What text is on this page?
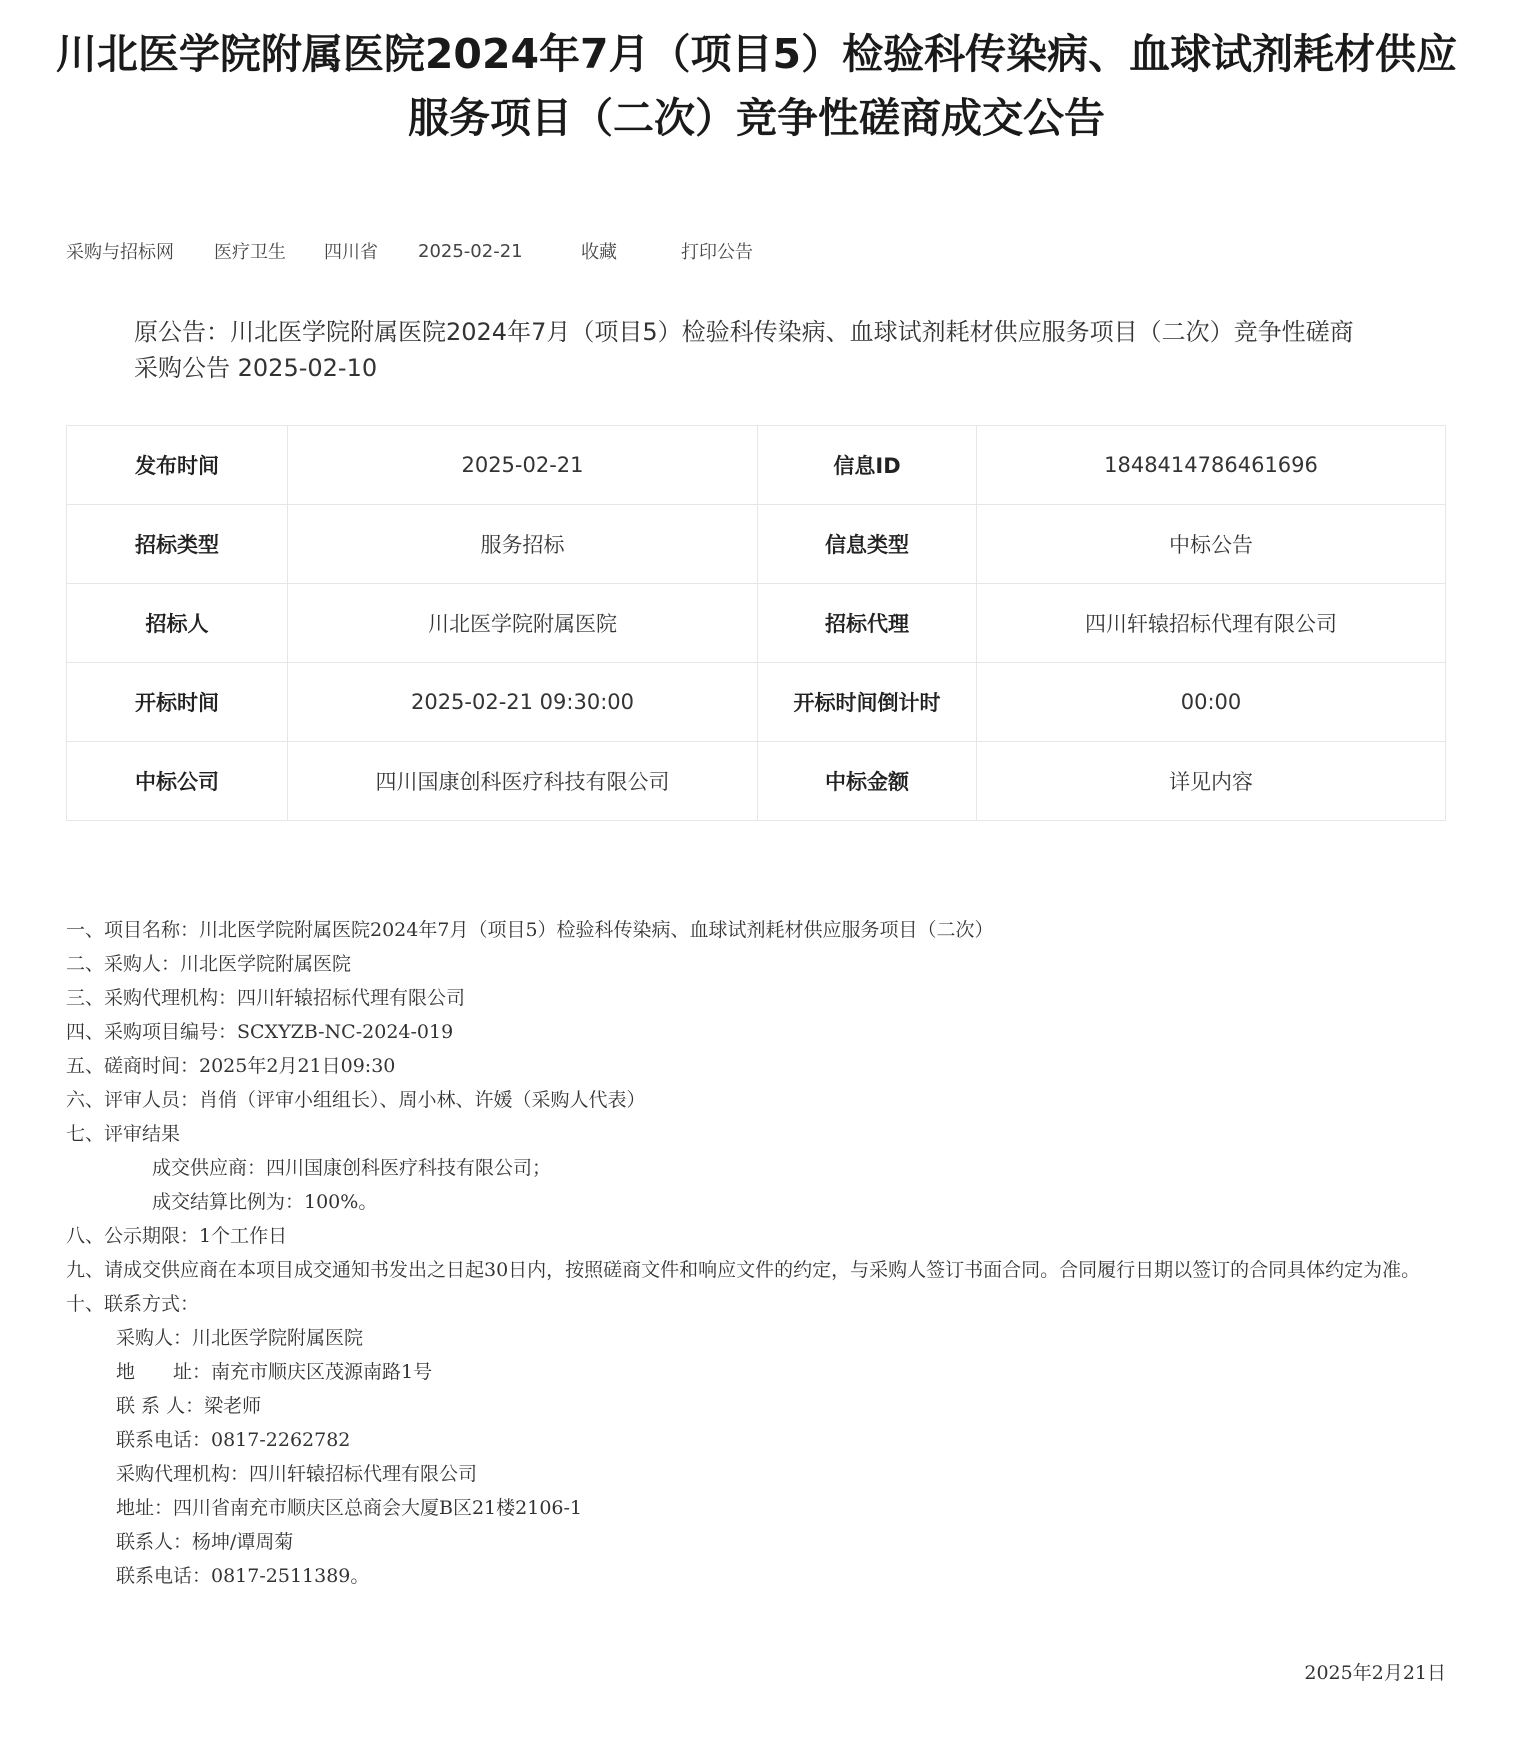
川北医学院附属医院2024年7月（项目5）检验科传染病、血球试剂耗材供应服务项目（二次）竞争性磋商成交公告
采购与招标网	医疗卫生	四川省	2025-02-21	收藏	打印公告
原公告：川北医学院附属医院2024年7月（项目5）检验科传染病、血球试剂耗材供应服务项目（二次）竞争性磋商采购公告 2025-02-10
发布时间	2025-02-21	信息ID	1848414786461696
招标类型	服务招标	信息类型	中标公告
招标人	川北医学院附属医院	招标代理	四川轩辕招标代理有限公司
开标时间	2025-02-21 09:30:00	开标时间倒计时	00:00
中标公司	四川国康创科医疗科技有限公司	中标金额	详见内容

一、项目名称：川北医学院附属医院2024年7月（项目5）检验科传染病、血球试剂耗材供应服务项目（二次）

二、采购人：川北医学院附属医院

三、采购代理机构：四川轩辕招标代理有限公司

四、采购项目编号：SCXYZB-NC-2024-019

五、磋商时间：2025年2月21日09:30

六、评审人员：肖俏（评审小组组长）、周小林、许媛（采购人代表）

七、评审结果

成交供应商：四川国康创科医疗科技有限公司；

成交结算比例为：100%。

八、公示期限：1个工作日

九、请成交供应商在本项目成交通知书发出之日起30日内，按照磋商文件和响应文件的约定，与采购人签订书面合同。合同履行日期以签订的合同具体约定为准。

十、联系方式：

采购人：川北医学院附属医院

地　　址：南充市顺庆区茂源南路1号

联 系 人：梁老师

联系电话：0817-2262782

采购代理机构：四川轩辕招标代理有限公司

地址：四川省南充市顺庆区总商会大厦B区21楼2106-1

联系人：杨坤/谭周菊

联系电话：0817-2511389。

2025年2月21日
